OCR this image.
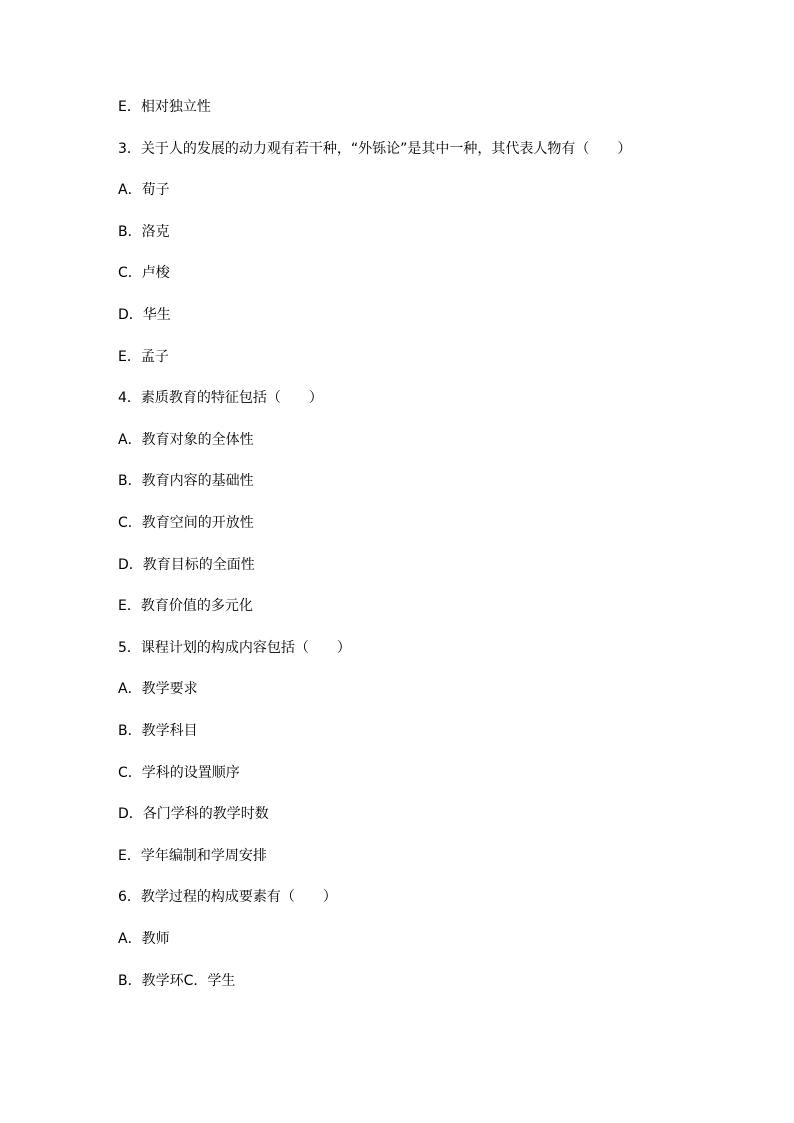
E．相对独立性
3．关于人的发展的动力观有若干种，“外铄论”是其中一种，其代表人物有（　　）
A．荀子
B．洛克
C．卢梭
D．华生
E．孟子
4．素质教育的特征包括（　　）
A．教育对象的全体性
B．教育内容的基础性
C．教育空间的开放性
D．教育目标的全面性
E．教育价值的多元化
5．课程计划的构成内容包括（　　）
A．教学要求
B．教学科目
C．学科的设置顺序
D．各门学科的教学时数
E．学年编制和学周安排
6．教学过程的构成要素有（　　）
A．教师
B．教学环C．学生
